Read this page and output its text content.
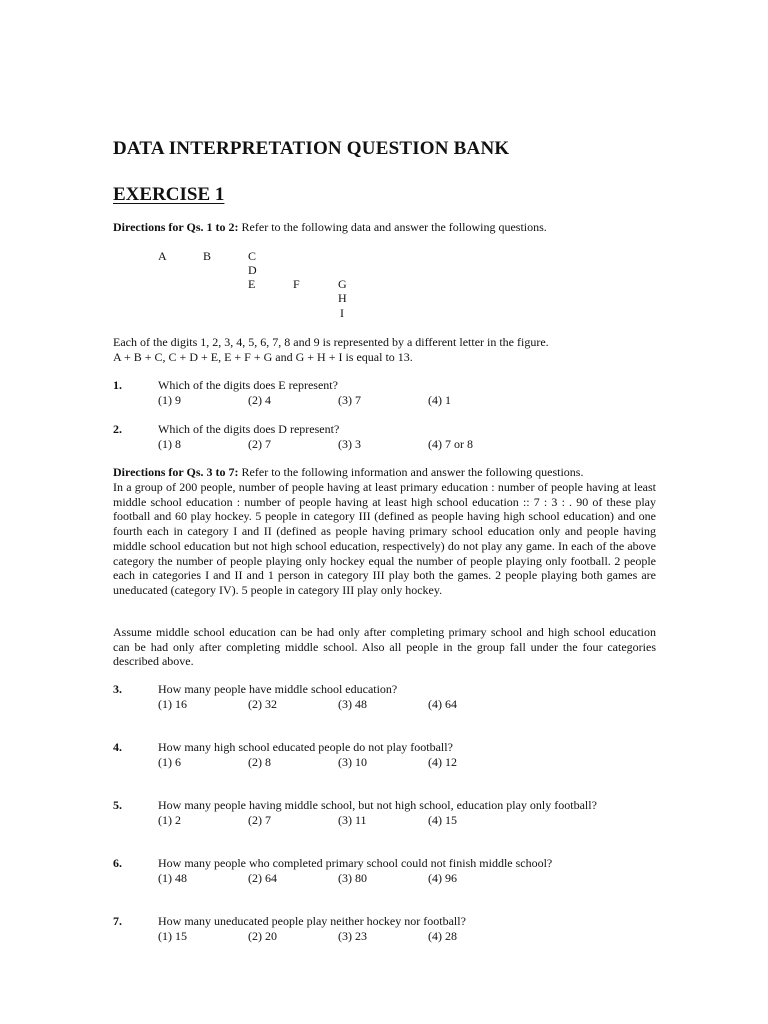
DATA INTERPRETATION QUESTION BANK
EXERCISE 1
Directions for Qs. 1 to 2: Refer to the following data and answer the following questions.
A	B	C
D
E	F	G
H
I
Each of the digits 1, 2, 3, 4, 5, 6, 7, 8 and 9 is represented by a different letter in the figure.
A + B + C, C + D + E, E + F + G and G + H + I is equal to 13.
1.	Which of the digits does E represent?
(1) 9	(2) 4	(3) 7	(4) 1
2.	Which of the digits does D represent?
(1) 8	(2) 7	(3) 3	(4) 7 or 8
Directions for Qs. 3 to 7: Refer to the following information and answer the following questions.
In a group of 200 people, number of people having at least primary education : number of people having at least middle school education : number of people having at least high school education :: 7 : 3 : . 90 of these play football and 60 play hockey. 5 people in category III (defined as people having high school education) and one fourth each in category I and II (defined as people having primary school education only and people having middle school education but not high school education, respectively) do not play any game. In each of the above category the number of people playing only hockey equal the number of people playing only football. 2 people each in categories I and II and 1 person in category III play both the games. 2 people playing both games are uneducated (category IV). 5 people in category III play only hockey.
Assume middle school education can be had only after completing primary school and high school education can be had only after completing middle school. Also all people in the group fall under the four categories described above.
3.	How many people have middle school education?
(1) 16	(2) 32	(3) 48	(4) 64
4.	How many high school educated people do not play football?
(1) 6	(2) 8	(3) 10	(4) 12
5.	How many people having middle school, but not high school, education play only football?
(1) 2	(2) 7	(3) 11	(4) 15
6.	How many people who completed primary school could not finish middle school?
(1) 48	(2) 64	(3) 80	(4) 96
7.	How many uneducated people play neither hockey nor football?
(1) 15	(2) 20	(3) 23	(4) 28
